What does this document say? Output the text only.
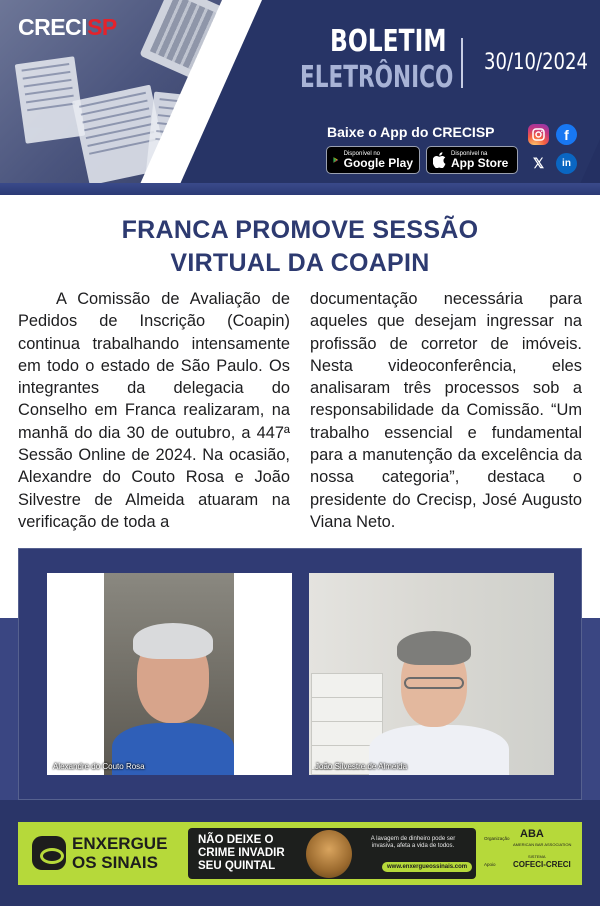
CRECISP	BOLETIM
ELETRÔNICO 30/10/2024
Baixe o App do CRECISP
Disponível no
Google Play
Disponível na
App Store
f
𝕏	in
FRANCA PROMOVE SESSÃO
VIRTUAL DA COAPIN

A Comissão de Avaliação de Pedidos de Inscrição (Coapin) continua trabalhando intensamente em todo o estado de São Paulo. Os integrantes da delegacia do Conselho em Franca realizaram, na manhã do dia 30 de outubro, a 447ª Sessão Online de 2024. Na ocasião, Alexandre do Couto Rosa e João Silvestre de Almeida atuaram na verificação de toda a

documentação necessária para aqueles que desejam ingressar na profissão de corretor de imóveis. Nesta videoconferência, eles analisaram três processos sob a responsabilidade da Comissão. “Um trabalho essencial e fundamental para a manutenção da excelência da nossa categoria”, destaca o presidente do Crecisp, José Augusto Viana Neto.

Alexandre do Couto Rosa	João Silvestre de Almeida
ENXERGUE
OS SINAIS
NÃO DEIXE O
CRIME INVADIR
SEU QUINTAL
A lavagem de dinheiro pode ser invasiva, afeta a vida de todos.
www.enxergueossinais.com
Organização ABA
AMERICAN BAR ASSOCIATION
Apoio
SISTEMA
COFECI-CRECI
